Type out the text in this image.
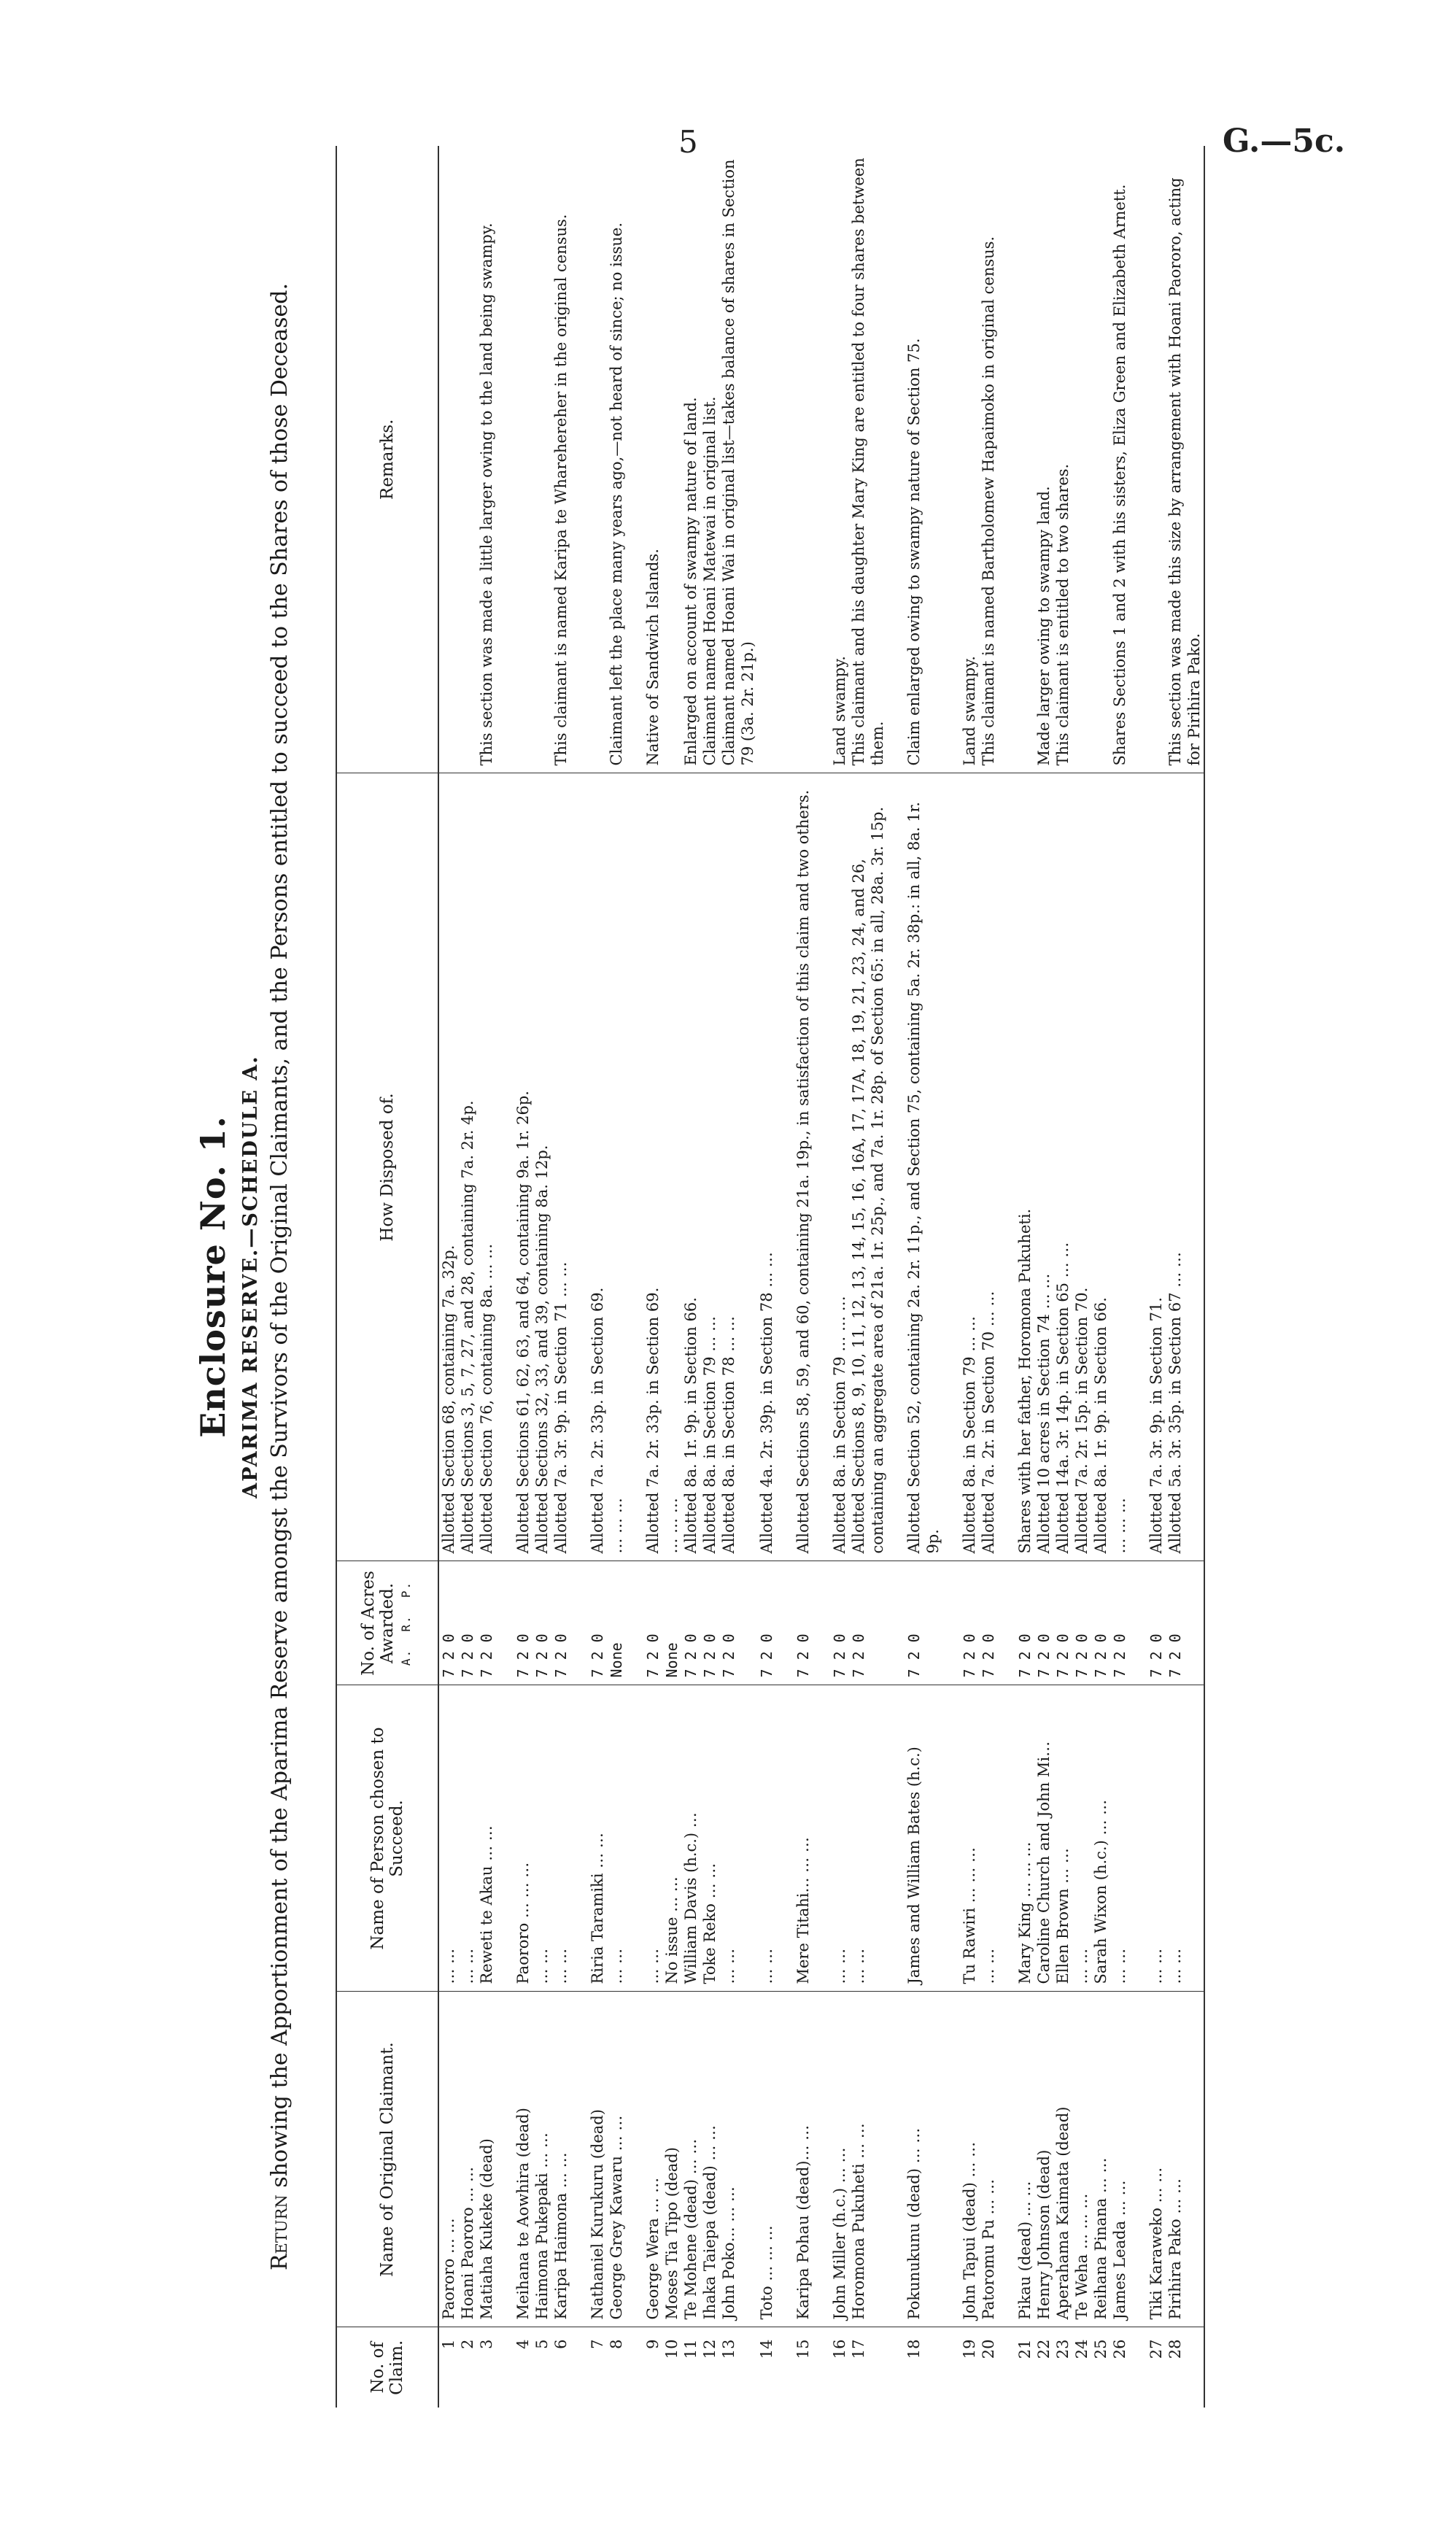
5	G.—5c.
Enclosure No. 1. APARIMA RESERVE.—SCHEDULE A.

Return showing the Apportionment of the Aparima Reserve amongst the Survivors of the Original Claimants, and the Persons entitled to succeed to the Shares of those Deceased.

No. of Claim.	Name of Original Claimant.	Name of Person chosen to Succeed.	No. of Acres Awarded. A.  R.  P.	How Disposed of.	Remarks.
1	Paororo … …	… …	7 2 0	Allotted Section 68, containing 7a. 32p.	
2	Hoani Paororo … …	… …	7 2 0	Allotted Sections 3, 5, 7, 27, and 28, containing 7a. 2r. 4p.	
3	Matiaha Kukeke (dead)	Reweti te Akau … …	7 2 0	Allotted Section 76, containing 8a. … …	This section was made a little larger owing to the land being swampy.

4	Meihana te Aowhira (dead)	Paororo … … …	7 2 0	Allotted Sections 61, 62, 63, and 64, containing 9a. 1r. 26p.	
5	Haimona Pukepaki … …	… …	7 2 0	Allotted Sections 32, 33, and 39, containing 8a. 12p.	
6	Karipa Haimona … …	… …	7 2 0	Allotted 7a. 3r. 9p. in Section 71 … …	This claimant is named Karipa te Wharehereher in the original census.

7	Nathaniel Kurukuru (dead)	Riria Taramiki … …	7 2 0	Allotted 7a. 2r. 33p. in Section 69.	
8	George Grey Kawaru … …	… …	None	… … …	Claimant left the place many years ago,—not heard of since; no issue.

9	George Wera … …	… …	7 2 0	Allotted 7a. 2r. 33p. in Section 69.	Native of Sandwich Islands.
10	Moses Tia Tipo (dead)	No issue … …	None	… … …	
11	Te Mohene (dead) … …	William Davis (h.c.) …	7 2 0	Allotted 8a. 1r. 9p. in Section 66.	Enlarged on account of swampy nature of land.
12	Ihaka Taiepa (dead) … …	Toke Reko … …	7 2 0	Allotted 8a. in Section 79 … …	Claimant named Hoani Matewai in original list.
13	John Poko… … …	… …	7 2 0	Allotted 8a. in Section 78 … …	Claimant named Hoani Wai in original list—takes balance of shares in Section 79 (3a. 2r. 21p.)
14	Toto … … …	… …	7 2 0	Allotted 4a. 2r. 39p. in Section 78 … …	

15	Karipa Pohau (dead)… …	Mere Titahi… … …	7 2 0	Allotted Sections 58, 59, and 60, containing 21a. 19p., in satisfaction of this claim and two others.	

16	John Miller (h.c.) … …	… …	7 2 0	Allotted 8a. in Section 79 … … …	Land swampy.
17	Horomona Pukuheti … …	… …	7 2 0	Allotted Sections 8, 9, 10, 11, 12, 13, 14, 15, 16, 16A, 17, 17A, 18, 19, 21, 23, 24, and 26, containing an aggregate area of 21a. 1r. 25p., and 7a. 1r. 28p. of Section 65: in all, 28a. 3r. 15p.	This claimant and his daughter Mary King are entitled to four shares between them.

18	Pokunukunu (dead) … …	James and William Bates (h.c.)	7 2 0	Allotted Section 52, containing 2a. 2r. 11p., and Section 75, containing 5a. 2r. 38p.: in all, 8a. 1r. 9p.	Claim enlarged owing to swampy nature of Section 75.

19	John Tapui (dead) … …	Tu Rawiri … … …	7 2 0	Allotted 8a. in Section 79 … …	Land swampy.
20	Patoromu Pu … …	… …	7 2 0	Allotted 7a. 2r. in Section 70 … …	This claimant is named Bartholomew Hapaimoko in original census.

21	Pikau (dead) … …	Mary King … … …	7 2 0	Shares with her father, Horomona Pukuheti.	
22	Henry Johnson (dead)	Caroline Church and John Mi…	7 2 0	Allotted 10 acres in Section 74 … …	Made larger owing to swampy land.
23	Aperahama Kaimata (dead)	Ellen Brown … …	7 2 0	Allotted 14a. 3r. 14p. in Section 65 … …	This claimant is entitled to two shares.
24	Te Weha … … …	… …	7 2 0	Allotted 7a. 2r. 15p. in Section 70.	
25	Reihana Pinana … …	Sarah Wixon (h.c.) … …	7 2 0	Allotted 8a. 1r. 9p. in Section 66.	
26	James Leada … …	… …	7 2 0	… … …	Shares Sections 1 and 2 with his sisters, Eliza Green and Elizabeth Arnett.

27	Tiki Karaweko … …	… …	7 2 0	Allotted 7a. 3r. 9p. in Section 71.	
28	Pirihira Pako … …	… …	7 2 0	Allotted 5a. 3r. 35p. in Section 67 … …	This section was made this size by arrangement with Hoani Paororo, acting for Pirihira Pako.
